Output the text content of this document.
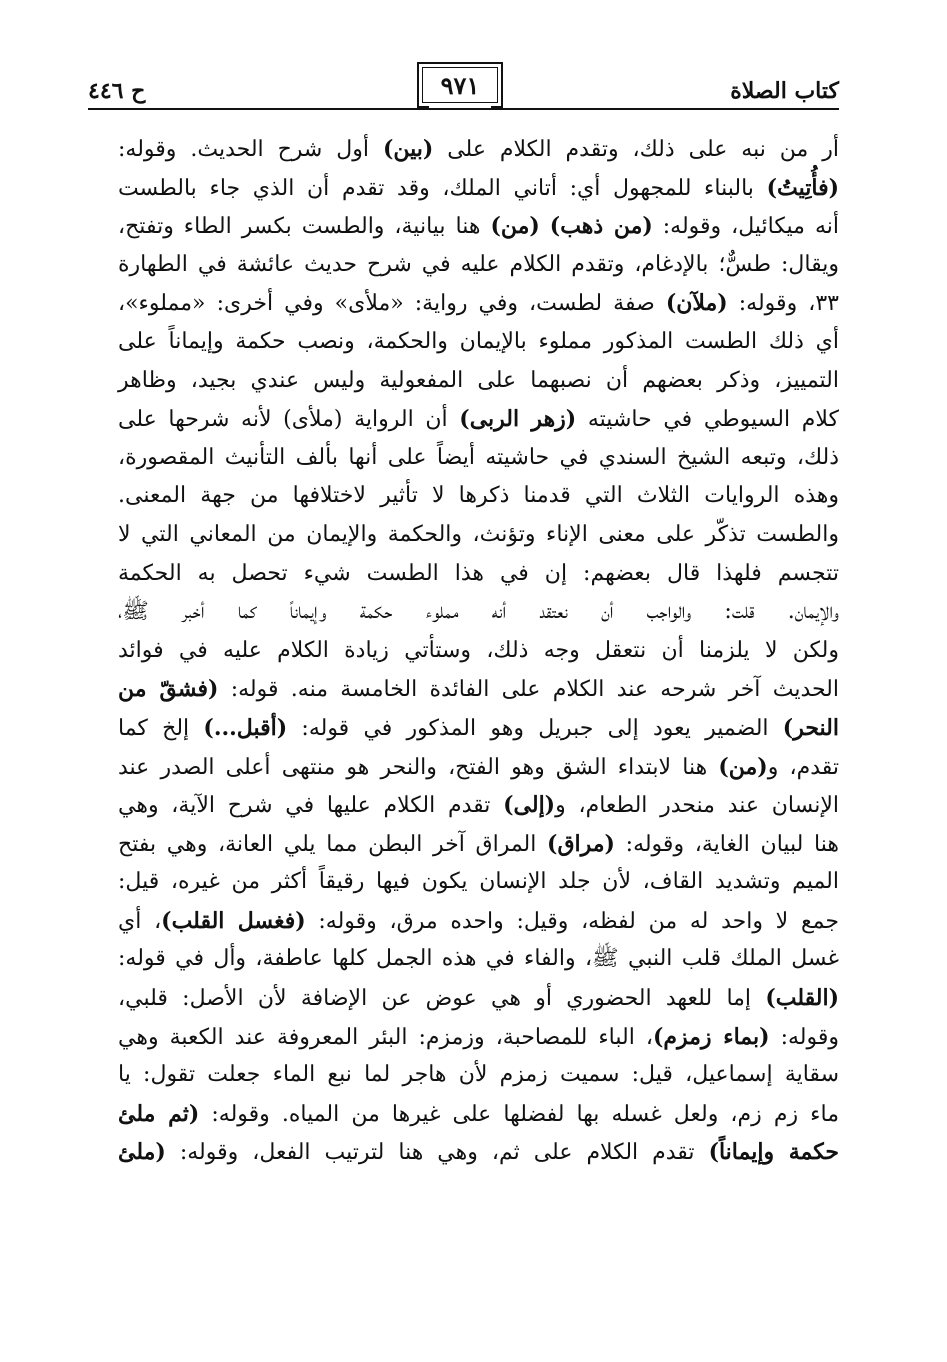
كتاب الصلاة
٩٧١
ح ٤٤٦
أر من نبه على ذلك، وتقدم الكلام على (بين) أول شرح الحديث. وقوله:
(فأُتِيتُ) بالبناء للمجهول أي: أتاني الملك، وقد تقدم أن الذي جاء بالطست
أنه ميكائيل، وقوله: (من ذهب) (من) هنا بيانية، والطست بكسر الطاء وتفتح،
ويقال: طسٌّ؛ بالإدغام، وتقدم الكلام عليه في شرح حديث عائشة في الطهارة
٣٣، وقوله: (ملآن) صفة لطست، وفي رواية: «ملأى» وفي أخرى: «مملوء»،
أي ذلك الطست المذكور مملوء بالإيمان والحكمة، ونصب حكمة وإيماناً على
التمييز، وذكر بعضهم أن نصبهما على المفعولية وليس عندي بجيد، وظاهر
كلام السيوطي في حاشيته (زهر الربى) أن الرواية (ملأى) لأنه شرحها على
ذلك، وتبعه الشيخ السندي في حاشيته أيضاً على أنها بألف التأنيث المقصورة،
وهذه الروايات الثلاث التي قدمنا ذكرها لا تأثير لاختلافها من جهة المعنى.
والطست تذكّر على معنى الإناء وتؤنث، والحكمة والإيمان من المعاني التي لا
تتجسم فلهذا قال بعضهم: إن في هذا الطست شيء تحصل به الحكمة
والإيمان. قلت: والواجب أن نعتقد أنه مملوء حكمة وإيماناً كما أخبر ﷺ،
ولكن لا يلزمنا أن نتعقل وجه ذلك، وستأتي زيادة الكلام عليه في فوائد
الحديث آخر شرحه عند الكلام على الفائدة الخامسة منه. قوله: (فشقّ من
النحر) الضمير يعود إلى جبريل وهو المذكور في قوله: (أقبل...) إلخ كما
تقدم، و(من) هنا لابتداء الشق وهو الفتح، والنحر هو منتهى أعلى الصدر عند
الإنسان عند منحدر الطعام، و(إلى) تقدم الكلام عليها في شرح الآية، وهي
هنا لبيان الغاية، وقوله: (مراق) المراق آخر البطن مما يلي العانة، وهي بفتح
الميم وتشديد القاف، لأن جلد الإنسان يكون فيها رقيقاً أكثر من غيره، قيل:
جمع لا واحد له من لفظه، وقيل: واحده مرق، وقوله: (فغسل القلب)، أي
غسل الملك قلب النبي ﷺ، والفاء في هذه الجمل كلها عاطفة، وأل في قوله:
(القلب) إما للعهد الحضوري أو هي عوض عن الإضافة لأن الأصل: قلبي،
وقوله: (بماء زمزم)، الباء للمصاحبة، وزمزم: البئر المعروفة عند الكعبة وهي
سقاية إسماعيل، قيل: سميت زمزم لأن هاجر لما نبع الماء جعلت تقول: يا
ماء زم زم، ولعل غسله بها لفضلها على غيرها من المياه. وقوله: (ثم ملئ
حكمة وإيماناً) تقدم الكلام على ثم، وهي هنا لترتيب الفعل، وقوله: (ملئ
